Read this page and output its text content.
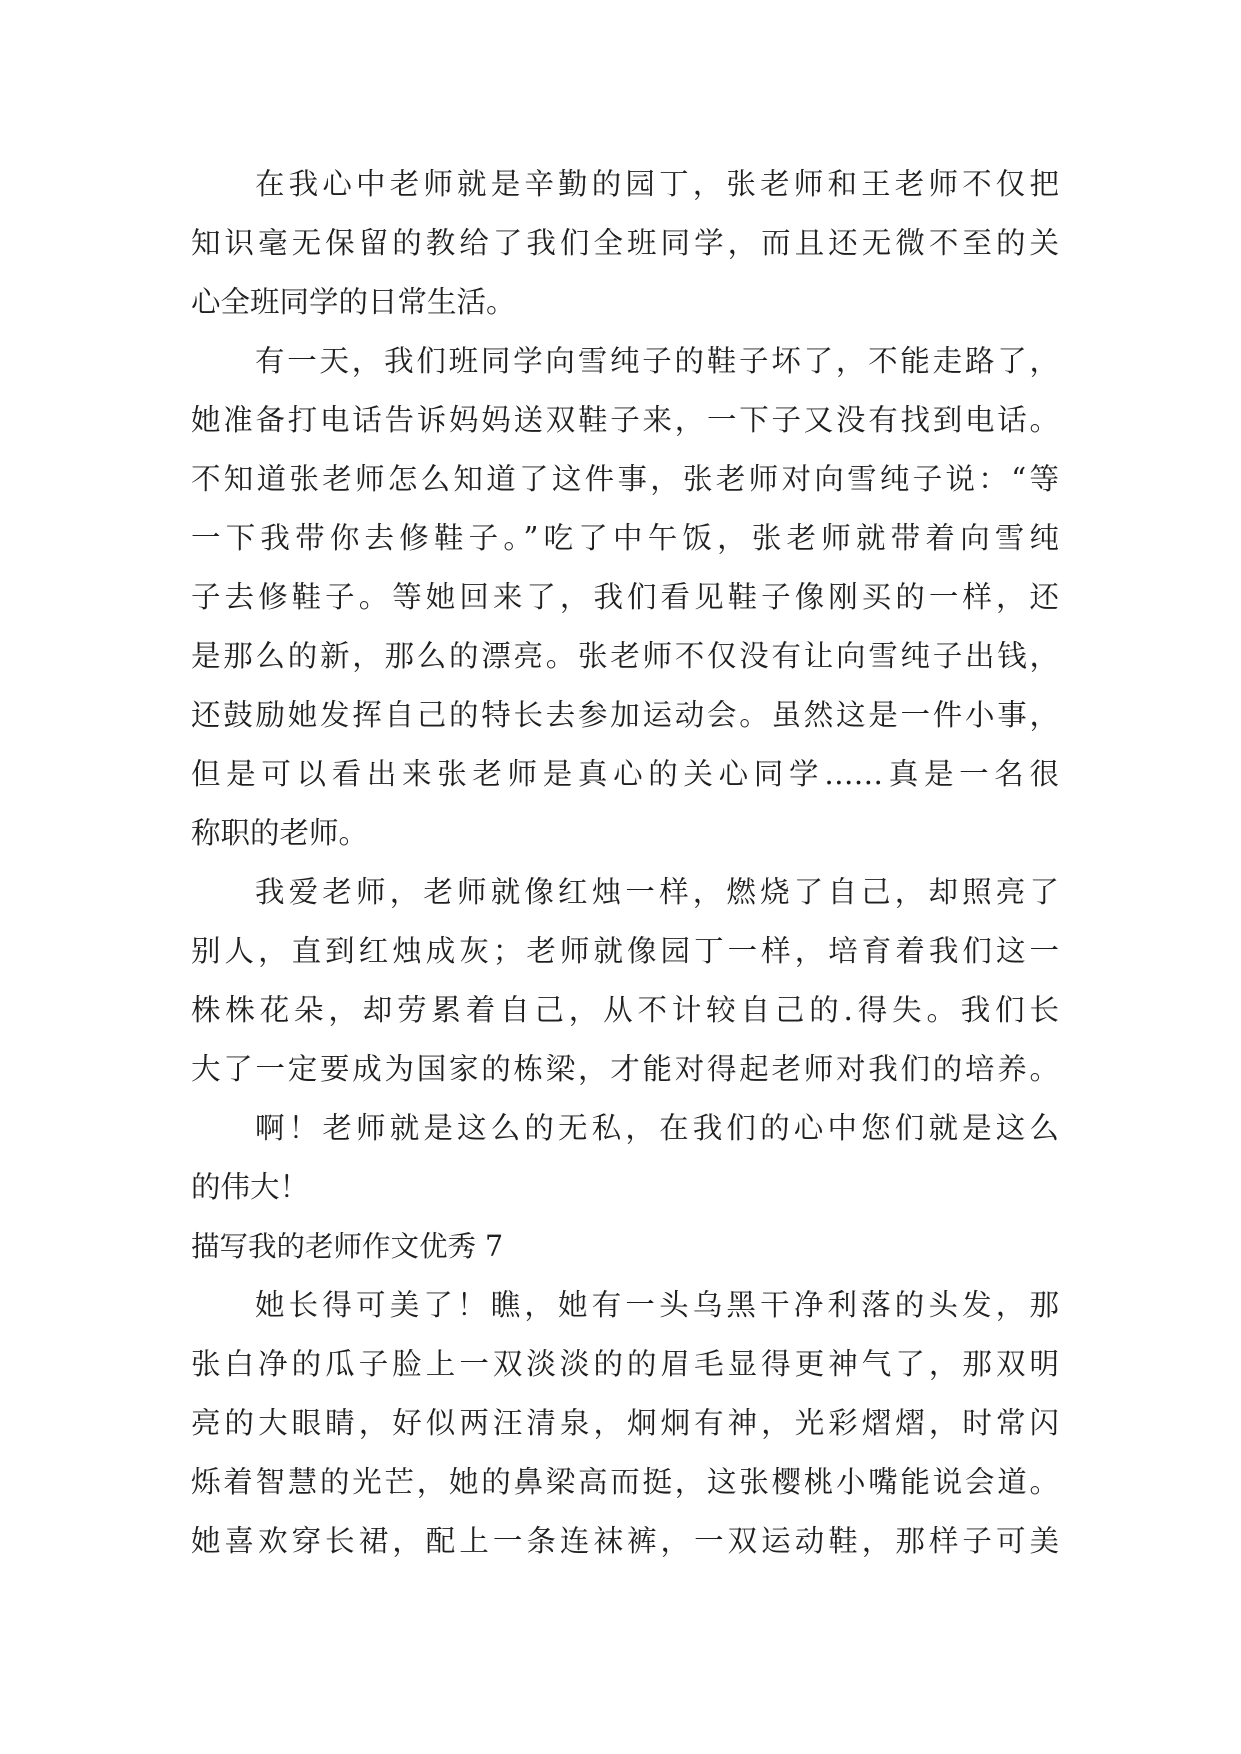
在我心中老师就是辛勤的园丁，张老师和王老师不仅把
知识毫无保留的教给了我们全班同学，而且还无微不至的关
心全班同学的日常生活。
有一天，我们班同学向雪纯子的鞋子坏了，不能走路了，
她准备打电话告诉妈妈送双鞋子来，一下子又没有找到电话。
不知道张老师怎么知道了这件事，张老师对向雪纯子说：“等
一下我带你去修鞋子。”吃了中午饭，张老师就带着向雪纯
子去修鞋子。等她回来了，我们看见鞋子像刚买的一样，还
是那么的新，那么的漂亮。张老师不仅没有让向雪纯子出钱，
还鼓励她发挥自己的特长去参加运动会。虽然这是一件小事，
但是可以看出来张老师是真心的关心同学……真是一名很
称职的老师。
我爱老师，老师就像红烛一样，燃烧了自己，却照亮了
别人，直到红烛成灰；老师就像园丁一样，培育着我们这一
株株花朵，却劳累着自己，从不计较自己的.得失。我们长
大了一定要成为国家的栋梁，才能对得起老师对我们的培养。
啊！老师就是这么的无私，在我们的心中您们就是这么
的伟大！
描写我的老师作文优秀 7
她长得可美了！瞧，她有一头乌黑干净利落的头发，那
张白净的瓜子脸上一双淡淡的的眉毛显得更神气了，那双明
亮的大眼睛，好似两汪清泉，炯炯有神，光彩熠熠，时常闪
烁着智慧的光芒，她的鼻梁高而挺，这张樱桃小嘴能说会道。
她喜欢穿长裙，配上一条连袜裤，一双运动鞋，那样子可美
